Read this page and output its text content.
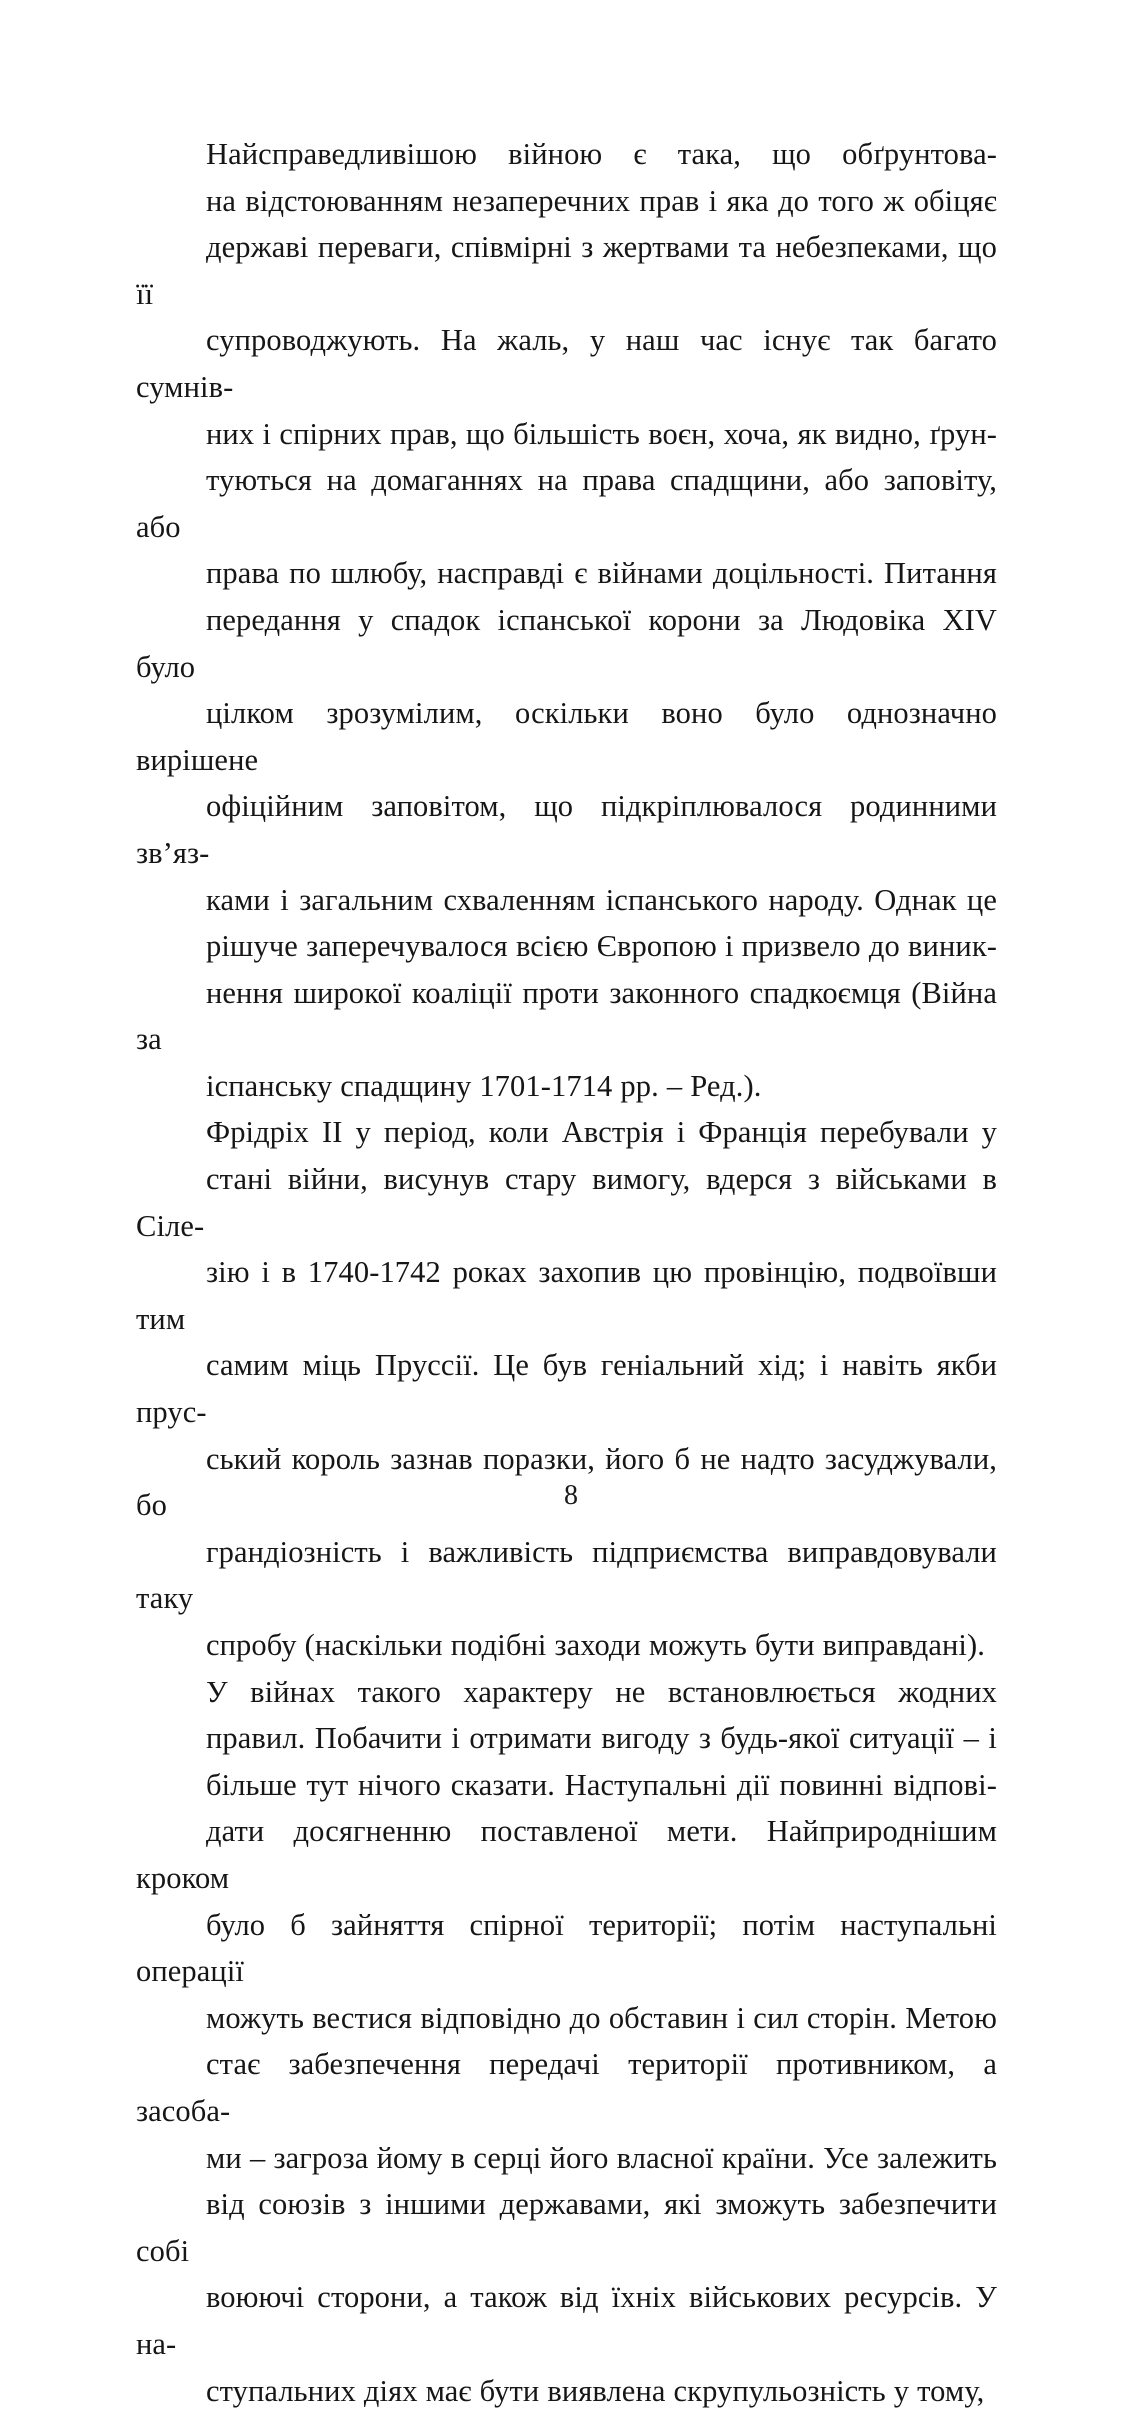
Найсправедливішою війною є така, що обґрунтова-
на відстоюванням незаперечних прав і яка до того ж обіцяє
державі переваги, співмірні з жертвами та небезпеками, що її
супроводжують. На жаль, у наш час існує так багато сумнів-
них і спірних прав, що більшість воєн, хоча, як видно, ґрун-
туються на домаганнях на права спадщини, або заповіту, або
права по шлюбу, насправді є війнами доцільності. Питання
передання у спадок іспанської корони за Людовіка XIV було
цілком зрозумілим, оскільки воно було однозначно вирішене
офіційним заповітом, що підкріплювалося родинними зв’яз-
ками і загальним схваленням іспанського народу. Однак це
рішуче заперечувалося всією Європою і призвело до виник-
нення широкої коаліції проти законного спадкоємця (Війна за
іспанську спадщину 1701-1714 рр. – Ред.).

Фрідріх II у період, коли Австрія і Франція перебували у
стані війни, висунув стару вимогу, вдерся з військами в Сіле-
зію і в 1740-1742 роках захопив цю провінцію, подвоївши тим
самим міць Пруссії. Це був геніальний хід; і навіть якби прус-
ський король зазнав поразки, його б не надто засуджували, бо
грандіозність і важливість підприємства виправдовували таку
спробу (наскільки подібні заходи можуть бути виправдані).

У війнах такого характеру не встановлюється жодних
правил. Побачити і отримати вигоду з будь-якої ситуації – і
більше тут нічого сказати. Наступальні дії повинні відпові-
дати досягненню поставленої мети. Найприроднішим кроком
було б зайняття спірної території; потім наступальні операції
можуть вестися відповідно до обставин і сил сторін. Метою
стає забезпечення передачі території противником, а засоба-
ми – загроза йому в серці його власної країни. Усе залежить
від союзів з іншими державами, які зможуть забезпечити собі
воюючі сторони, а також від їхніх військових ресурсів. У на-
ступальних діях має бути виявлена скрупульозність у тому,

8
